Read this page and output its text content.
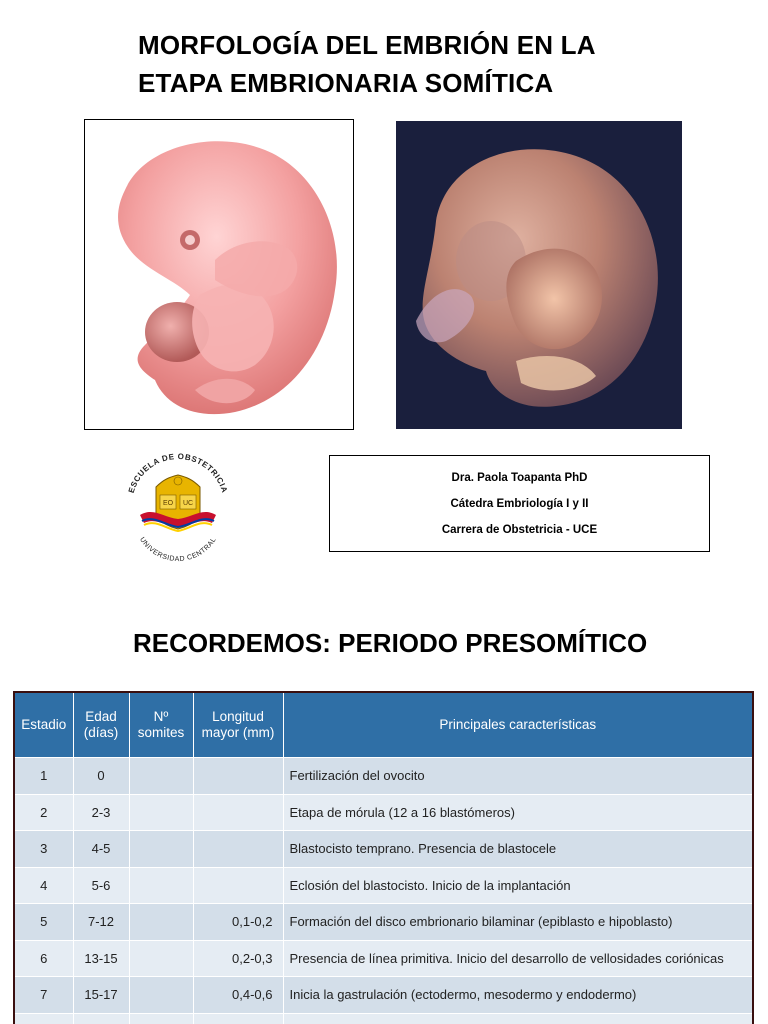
MORFOLOGÍA DEL EMBRIÓN EN LA
ETAPA EMBRIONARIA SOMÍTICA
ESCUELA DE OBSTETRICIA
UNIVERSIDAD CENTRAL
EO UC
Dra. Paola Toapanta PhD
Cátedra Embriología I y II
Carrera de Obstetricia - UCE
RECORDEMOS: PERIODO PRESOMÍTICO
Estadio	Edad (días)	Nº somites	Longitud mayor (mm)	Principales características
1	0			Fertilización del ovocito
2	2-3			Etapa de mórula (12 a 16 blastómeros)
3	4-5			Blastocisto temprano. Presencia de blastocele
4	5-6			Eclosión del blastocisto. Inicio de la implantación
5	7-12		0,1-0,2	Formación del disco embrionario bilaminar (epiblasto e hipoblasto)
6	13-15		0,2-0,3	Presencia de línea primitiva. Inicio del desarrollo de vellosidades coriónicas
7	15-17		0,4-0,6	Inicia la gastrulación (ectodermo, mesodermo y endodermo)
